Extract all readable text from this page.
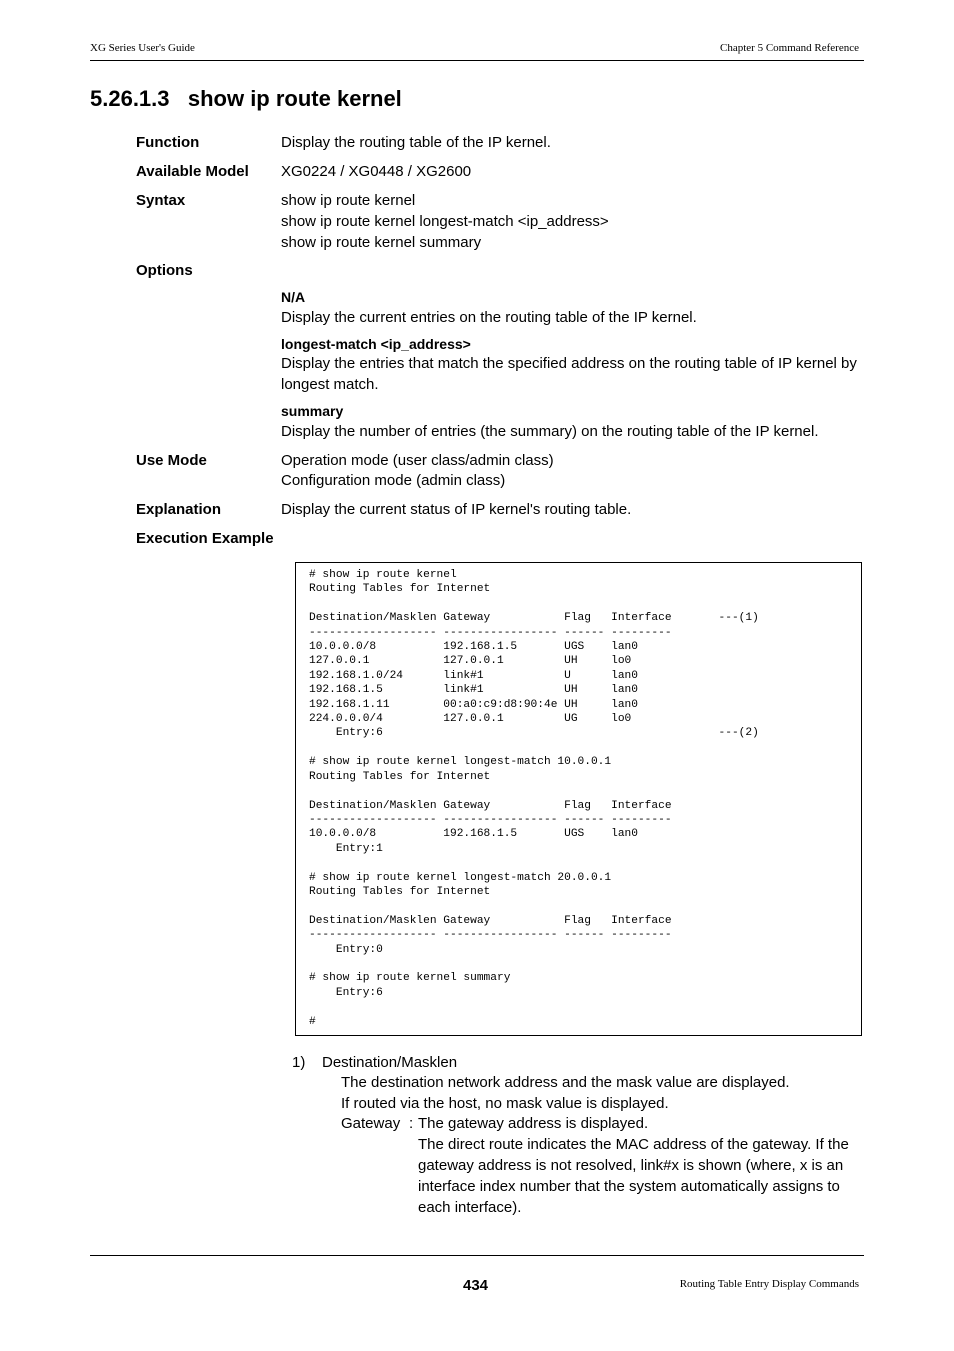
XG Series User's Guide	Chapter 5 Command Reference
5.26.1.3 show ip route kernel
Function	Display the routing table of the IP kernel.
Available Model XG0224 / XG0448 / XG2600
Syntax	show ip route kernel
show ip route kernel longest-match <ip_address>
show ip route kernel summary
Options
N/A
Display the current entries on the routing table of the IP kernel.
longest-match <ip_address>
Display the entries that match the specified address on the routing table of IP kernel by longest match.
summary
Display the number of entries (the summary) on the routing table of the IP kernel.
Use Mode	Operation mode (user class/admin class)
Configuration mode (admin class)
Explanation	Display the current status of IP kernel's routing table.
Execution Example
# show ip route kernel
Routing Tables for Internet

Destination/Masklen Gateway           Flag   Interface       ---(1)
------------------- ----------------- ------ ---------
10.0.0.0/8          192.168.1.5       UGS    lan0
127.0.0.1           127.0.0.1         UH     lo0
192.168.1.0/24      link#1            U      lan0
192.168.1.5         link#1            UH     lan0
192.168.1.11        00:a0:c9:d8:90:4e UH     lan0
224.0.0.0/4         127.0.0.1         UG     lo0
Entry:6                                                  ---(2)

# show ip route kernel longest-match 10.0.0.1
Routing Tables for Internet

Destination/Masklen Gateway           Flag   Interface
------------------- ----------------- ------ ---------
10.0.0.0/8          192.168.1.5       UGS    lan0
Entry:1

# show ip route kernel longest-match 20.0.0.1
Routing Tables for Internet

Destination/Masklen Gateway           Flag   Interface
------------------- ----------------- ------ ---------
Entry:0

# show ip route kernel summary
Entry:6

#
1) Destination/Masklen
The destination network address and the mask value are displayed.
If routed via the host, no mask value is displayed.
Gateway : The gateway address is displayed.
The direct route indicates the MAC address of the gateway. If the gateway address is not resolved, link#x is shown (where, x is an interface index number that the system automatically assigns to each interface).
434	Routing Table Entry Display Commands
